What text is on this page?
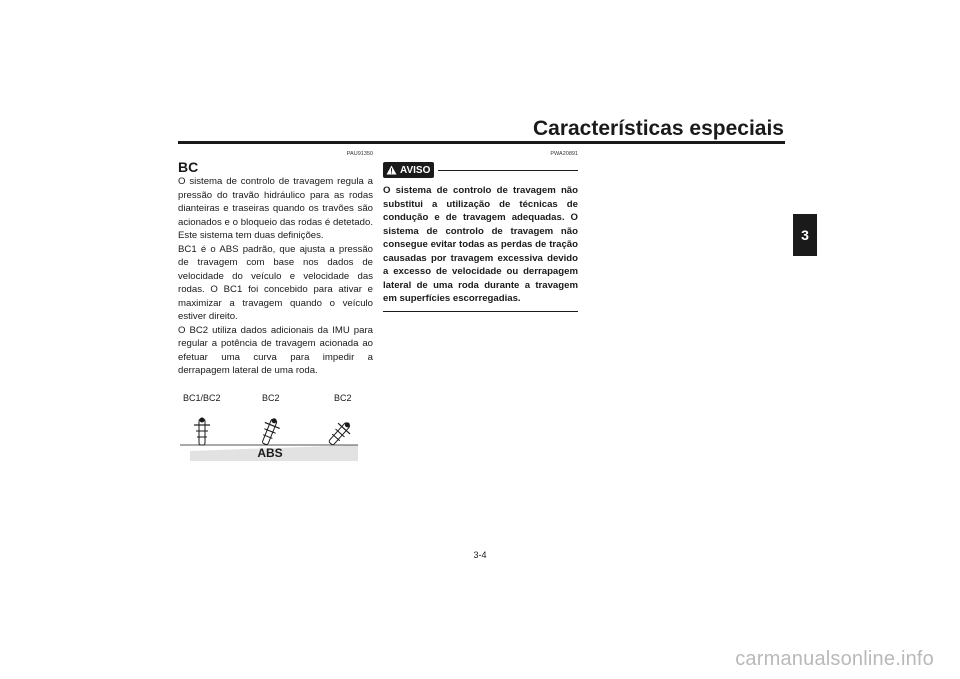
Características especiais
3
PAU91350
BC

O sistema de controlo de travagem regula a pressão do travão hidráulico para as rodas dianteiras e traseiras quando os travões são acionados e o bloqueio das rodas é detetado. Este sistema tem duas definições.

BC1 é o ABS padrão, que ajusta a pressão de travagem com base nos dados de velocidade do veículo e velocidade das rodas. O BC1 foi concebido para ativar e maximizar a travagem quando o veículo estiver direito.

O BC2 utiliza dados adicionais da IMU para regular a potência de travagem acionada ao efetuar uma curva para impedir a derrapagem lateral de uma roda.

BC1/BC2	BC2	BC2
ABS
PWA20891
AVISO

O sistema de controlo de travagem não substitui a utilização de técnicas de condução e de travagem adequadas. O sistema de controlo de travagem não consegue evitar todas as perdas de tração causadas por travagem excessiva devido a excesso de velocidade ou derrapagem lateral de uma roda durante a travagem em superfícies escorregadias.

3-4
carmanualsonline.info
